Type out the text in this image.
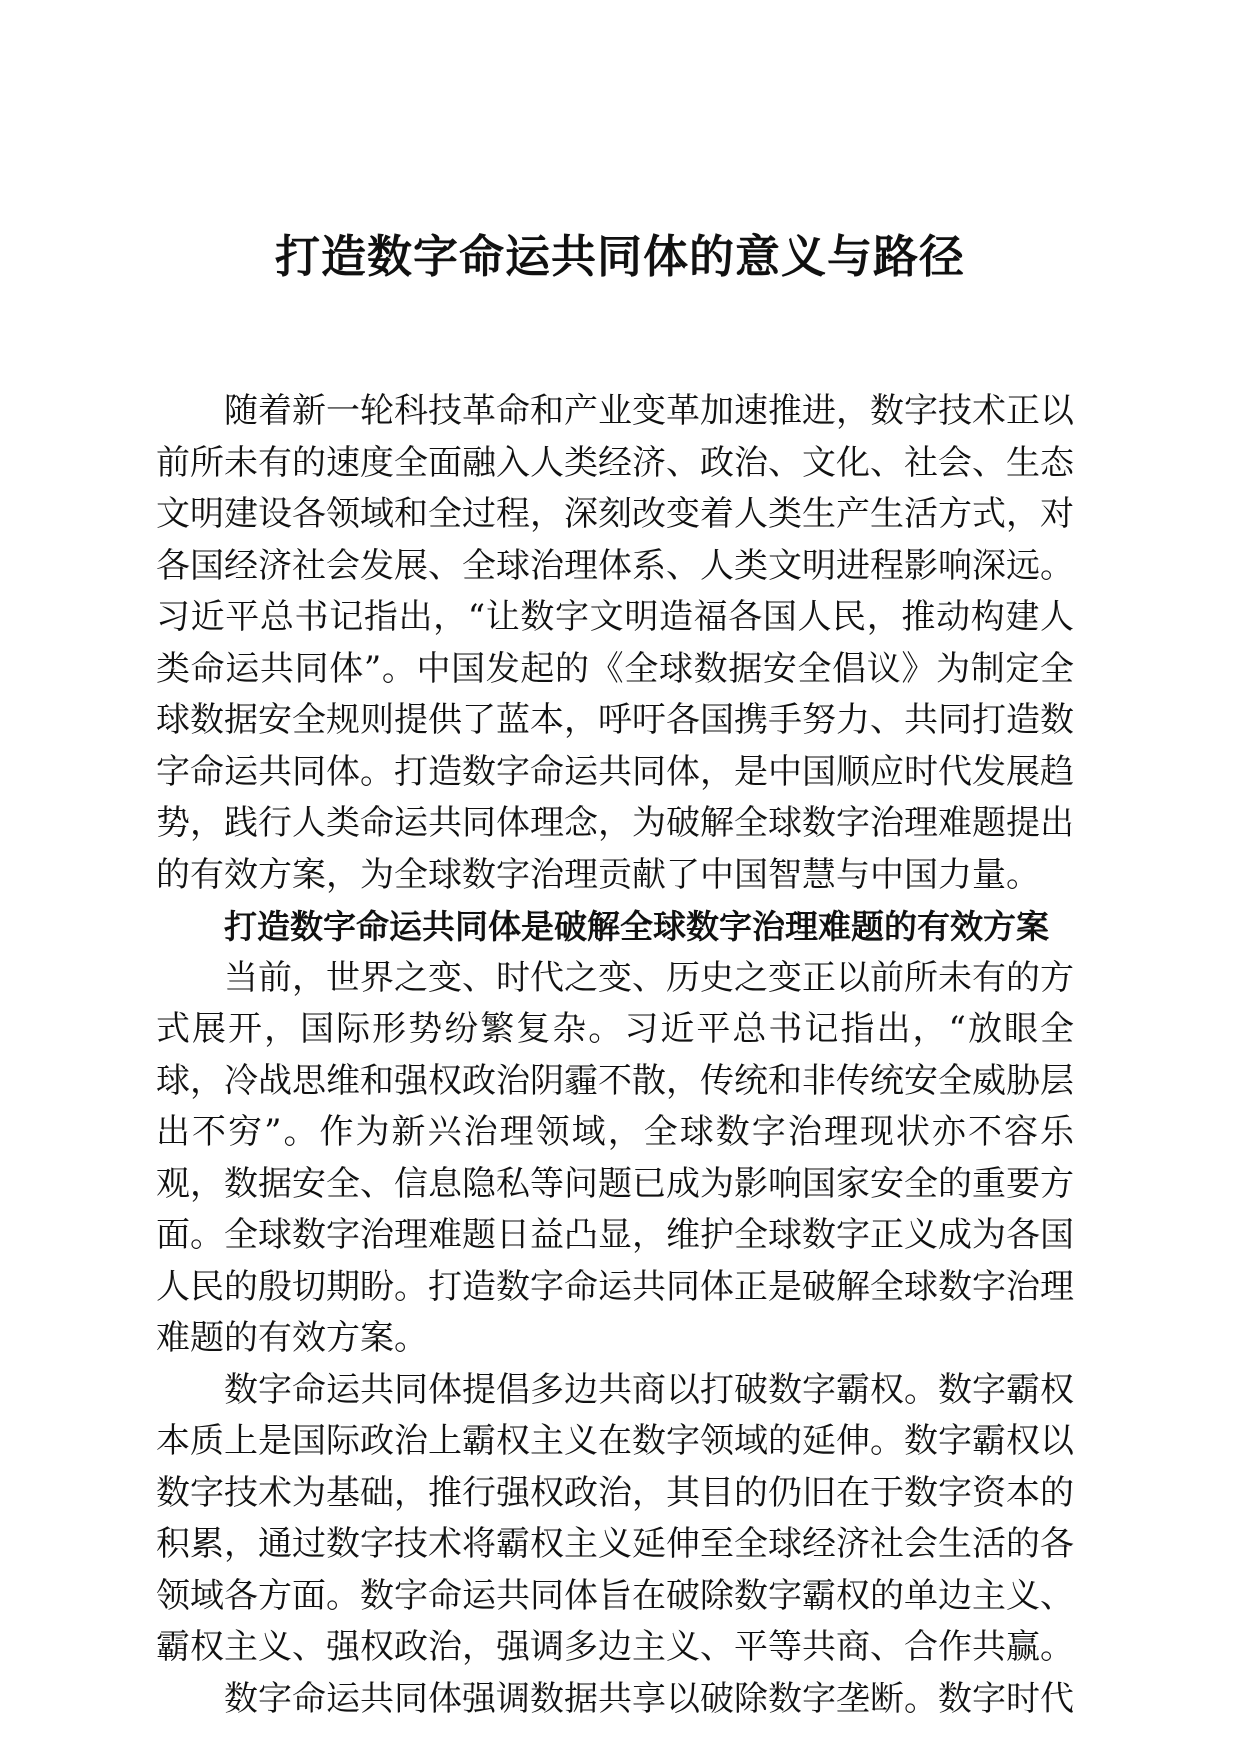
打造数字命运共同体的意义与路径

随着新一轮科技革命和产业变革加速推进，数字技术正以前所未有的速度全面融入人类经济、政治、文化、社会、生态文明建设各领域和全过程，深刻改变着人类生产生活方式，对各国经济社会发展、全球治理体系、人类文明进程影响深远。习近平总书记指出，“让数字文明造福各国人民，推动构建人类命运共同体”。中国发起的《全球数据安全倡议》为制定全球数据安全规则提供了蓝本，呼吁各国携手努力、共同打造数字命运共同体。打造数字命运共同体，是中国顺应时代发展趋势，践行人类命运共同体理念，为破解全球数字治理难题提出的有效方案，为全球数字治理贡献了中国智慧与中国力量。

打造数字命运共同体是破解全球数字治理难题的有效方案

当前，世界之变、时代之变、历史之变正以前所未有的方式展开，国际形势纷繁复杂。习近平总书记指出，“放眼全球，冷战思维和强权政治阴霾不散，传统和非传统安全威胁层出不穷”。作为新兴治理领域，全球数字治理现状亦不容乐观，数据安全、信息隐私等问题已成为影响国家安全的重要方面。全球数字治理难题日益凸显，维护全球数字正义成为各国人民的殷切期盼。打造数字命运共同体正是破解全球数字治理难题的有效方案。

数字命运共同体提倡多边共商以打破数字霸权。数字霸权本质上是国际政治上霸权主义在数字领域的延伸。数字霸权以数字技术为基础，推行强权政治，其目的仍旧在于数字资本的积累，通过数字技术将霸权主义延伸至全球经济社会生活的各领域各方面。数字命运共同体旨在破除数字霸权的单边主义、霸权主义、强权政治，强调多边主义、平等共商、合作共赢。

数字命运共同体强调数据共享以破除数字垄断。数字时代
